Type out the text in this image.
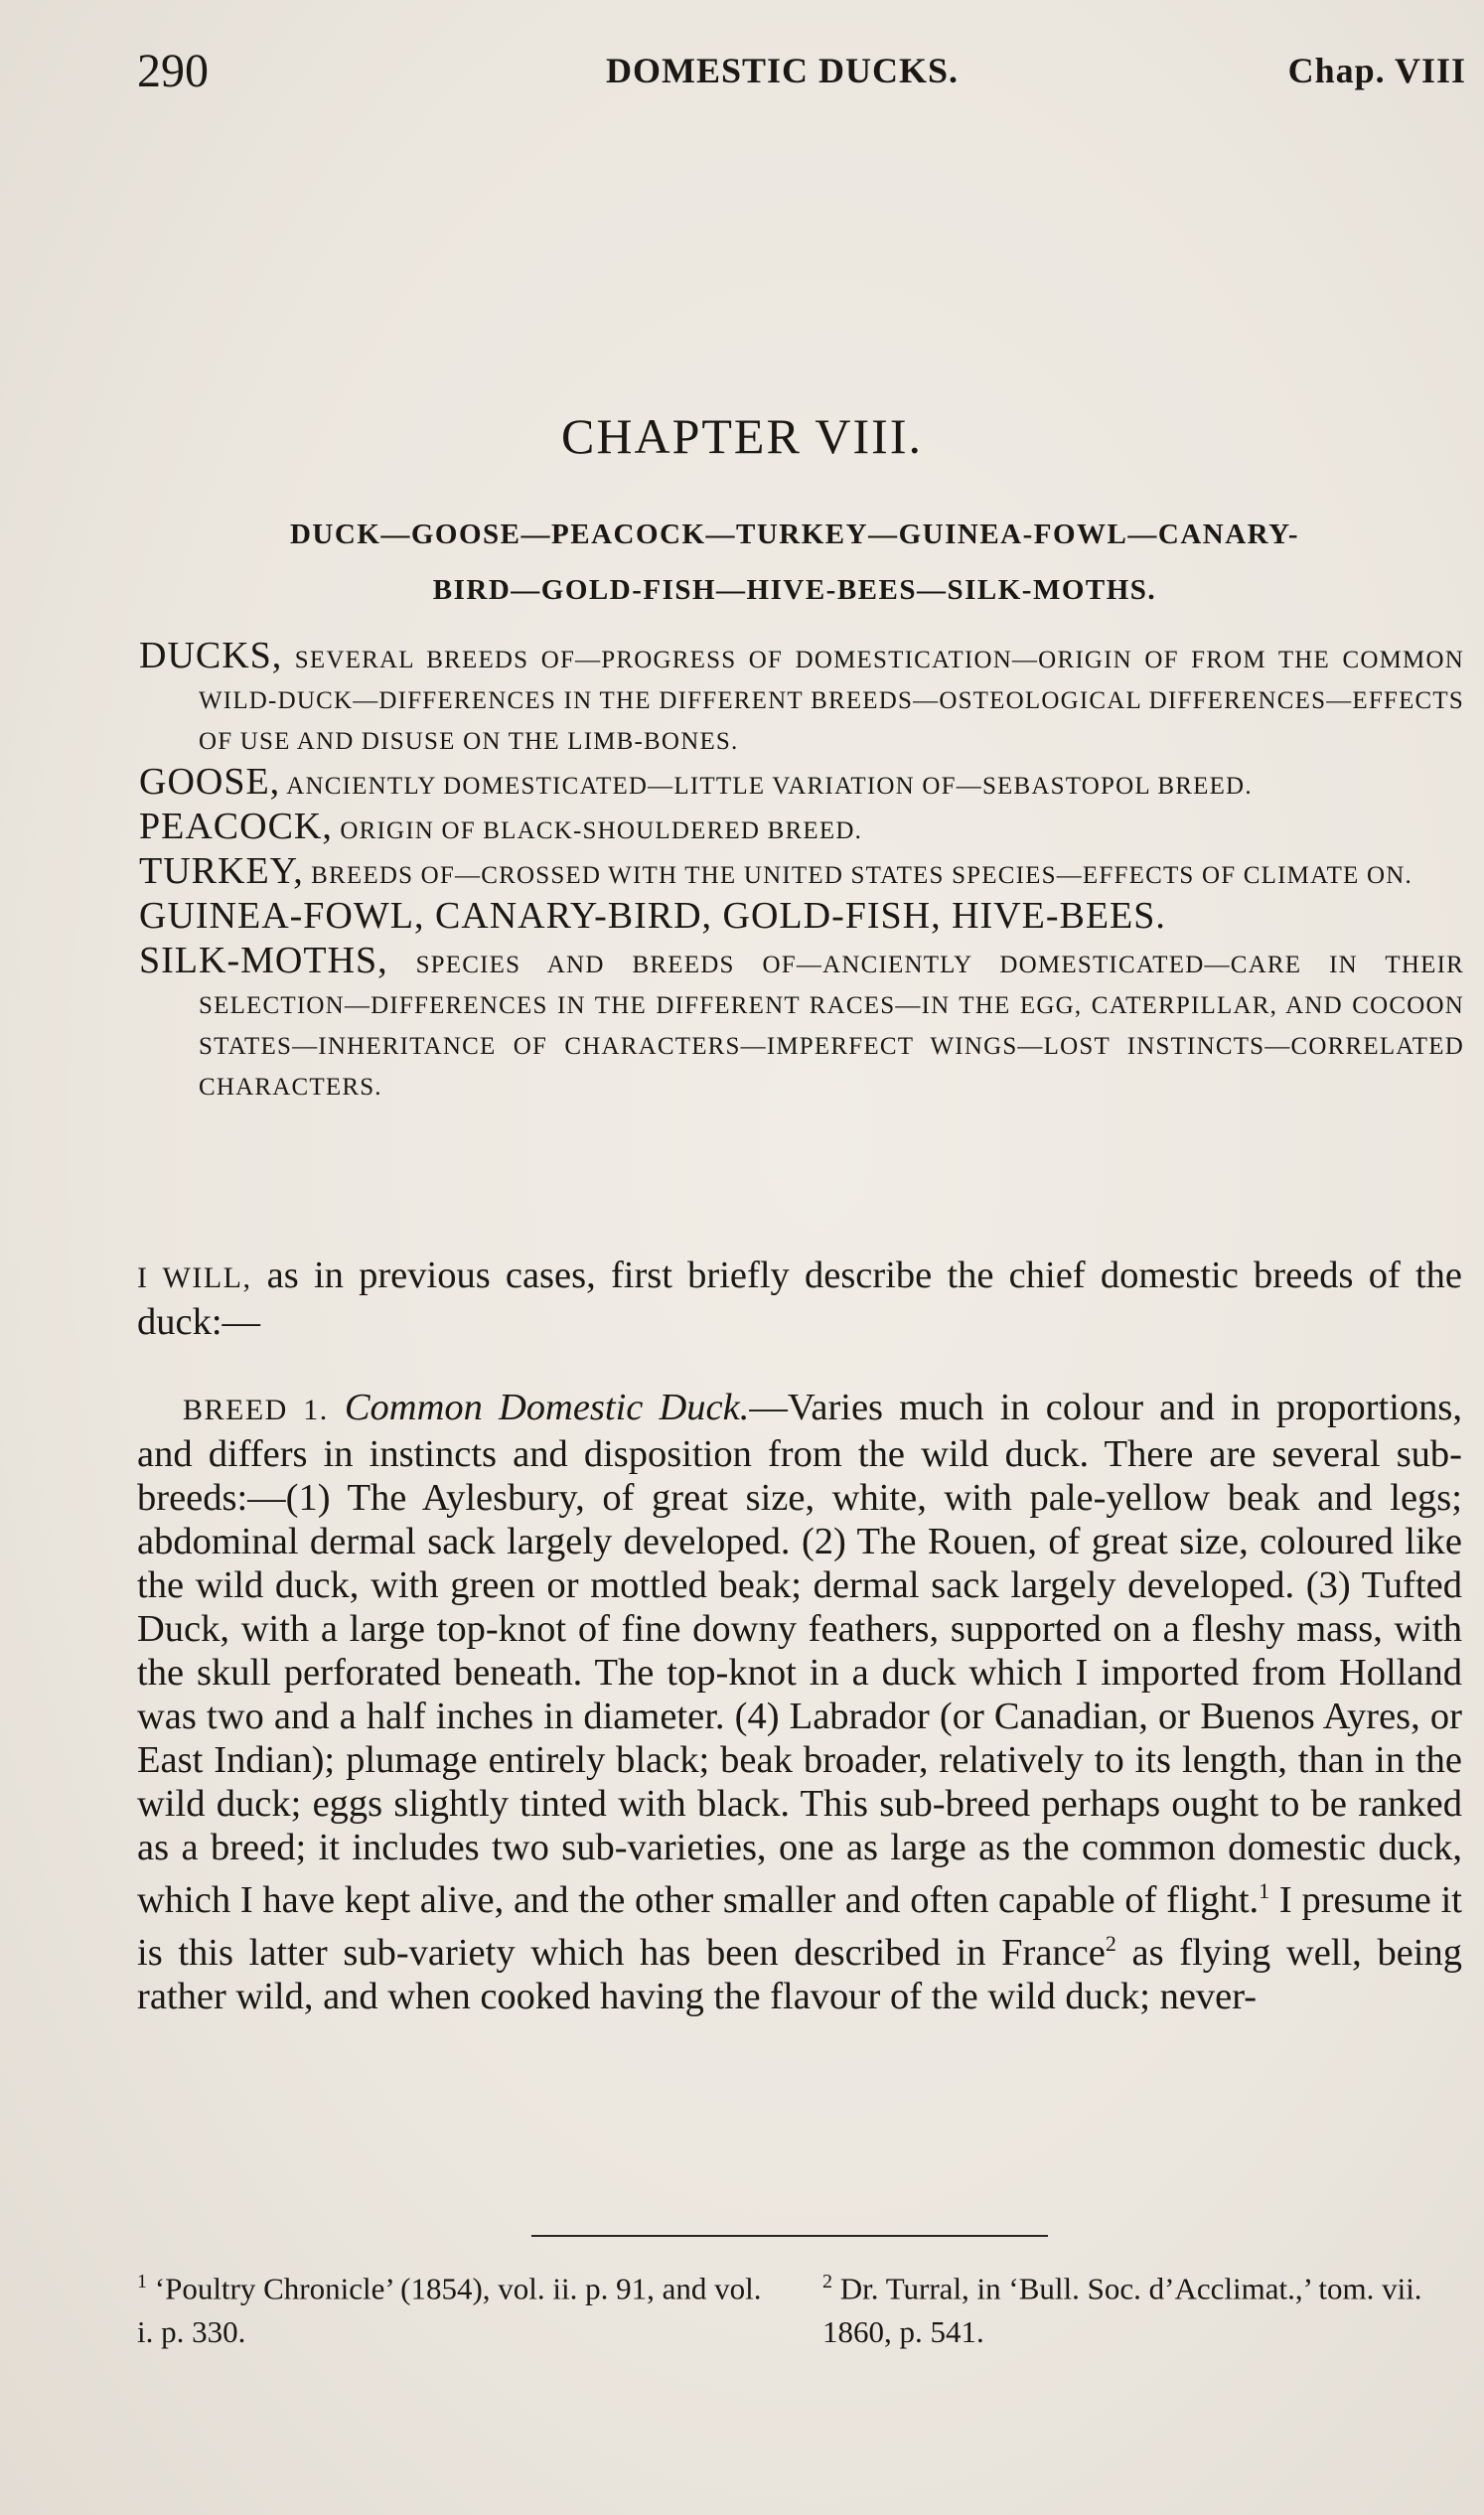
290	DOMESTIC DUCKS.	Chap. VIII
CHAPTER VIII.
DUCK—GOOSE—PEACOCK—TURKEY—GUINEA-FOWL—CANARY-
BIRD—GOLD-FISH—HIVE-BEES—SILK-MOTHS.
DUCKS, SEVERAL BREEDS OF—PROGRESS OF DOMESTICATION—ORIGIN OF FROM THE COMMON WILD-DUCK—DIFFERENCES IN THE DIFFERENT BREEDS—OSTEOLOGICAL DIFFERENCES—EFFECTS OF USE AND DISUSE ON THE LIMB-BONES.
GOOSE, ANCIENTLY DOMESTICATED—LITTLE VARIATION OF—SEBASTOPOL BREED.
PEACOCK, ORIGIN OF BLACK-SHOULDERED BREED.
TURKEY, BREEDS OF—CROSSED WITH THE UNITED STATES SPECIES—EFFECTS OF CLIMATE ON.
GUINEA-FOWL, CANARY-BIRD, GOLD-FISH, HIVE-BEES.
SILK-MOTHS, SPECIES AND BREEDS OF—ANCIENTLY DOMESTICATED—CARE IN THEIR SELECTION—DIFFERENCES IN THE DIFFERENT RACES—IN THE EGG, CATERPILLAR, AND COCOON STATES—INHERITANCE OF CHARACTERS—IMPERFECT WINGS—LOST INSTINCTS—CORRELATED CHARACTERS.

I WILL, as in previous cases, first briefly describe the chief domestic breeds of the duck:—

BREED 1. Common Domestic Duck.—Varies much in colour and in proportions, and differs in instincts and disposition from the wild duck. There are several sub-breeds:—(1) The Aylesbury, of great size, white, with pale-yellow beak and legs; abdominal dermal sack largely developed. (2) The Rouen, of great size, coloured like the wild duck, with green or mottled beak; dermal sack largely developed. (3) Tufted Duck, with a large top-knot of fine downy feathers, supported on a fleshy mass, with the skull perforated beneath. The top-knot in a duck which I imported from Holland was two and a half inches in diameter. (4) Labrador (or Canadian, or Buenos Ayres, or East Indian); plumage entirely black; beak broader, relatively to its length, than in the wild duck; eggs slightly tinted with black. This sub-breed perhaps ought to be ranked as a breed; it includes two sub-varieties, one as large as the common domestic duck, which I have kept alive, and the other smaller and often capable of flight.$^1$ I presume it is this latter sub-variety which has been described in France$^2$ as flying well, being rather wild, and when cooked having the flavour of the wild duck; never-

$^1$ ‘Poultry Chronicle’ (1854), vol. ii. p. 91, and vol. i. p. 330.
$^2$ Dr. Turral, in ‘Bull. Soc. d’Acclimat.,’ tom. vii. 1860, p. 541.
